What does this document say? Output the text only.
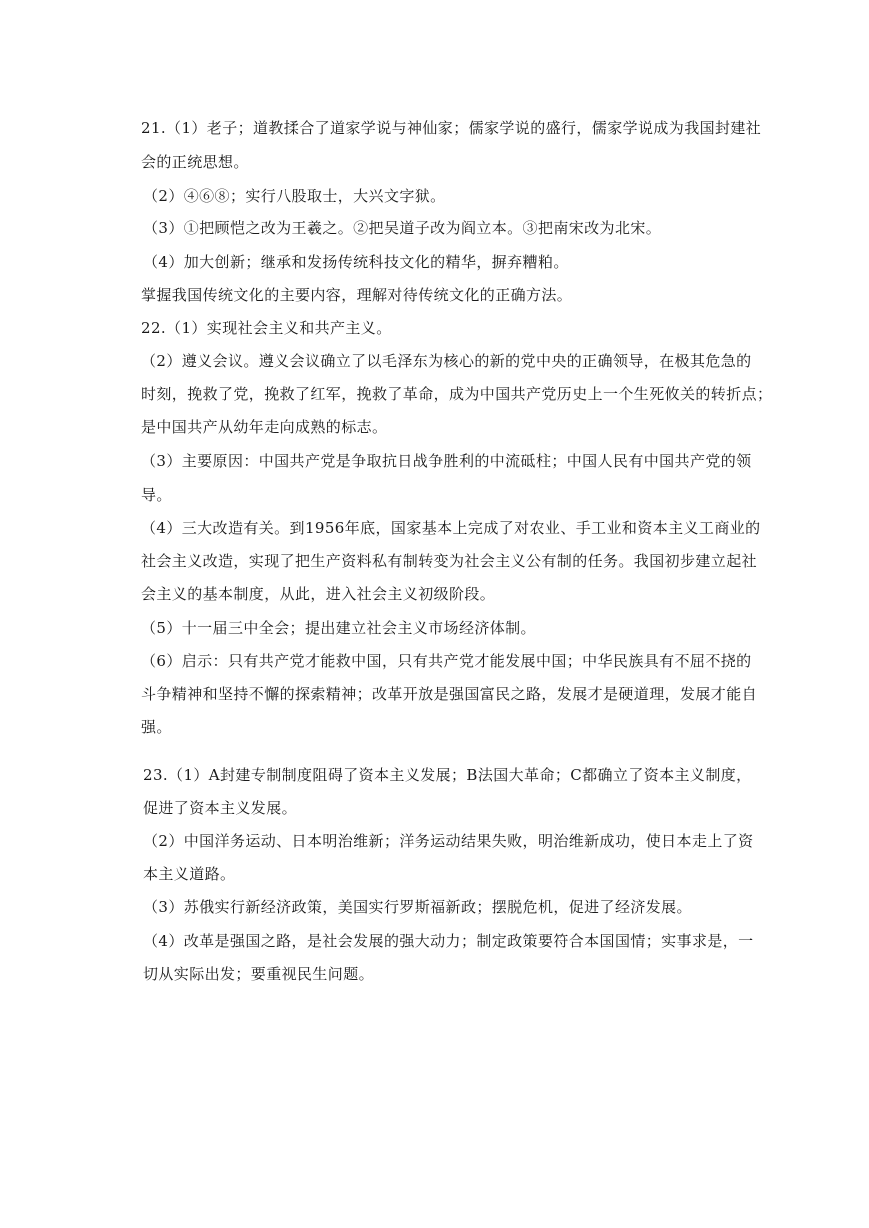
21.（1）老子；道教揉合了道家学说与神仙家；儒家学说的盛行，儒家学说成为我国封建社
会的正统思想。
（2）④⑥⑧；实行八股取士，大兴文字狱。
（3）①把顾恺之改为王羲之。②把吴道子改为阎立本。③把南宋改为北宋。
（4）加大创新；继承和发扬传统科技文化的精华，摒弃糟粕。
掌握我国传统文化的主要内容，理解对待传统文化的正确方法。
22.（1）实现社会主义和共产主义。
（2）遵义会议。遵义会议确立了以毛泽东为核心的新的党中央的正确领导，在极其危急的
时刻，挽救了党，挽救了红军，挽救了革命，成为中国共产党历史上一个生死攸关的转折点；
是中国共产从幼年走向成熟的标志。
（3）主要原因：中国共产党是争取抗日战争胜利的中流砥柱；中国人民有中国共产党的领
导。
（4）三大改造有关。到1956年底，国家基本上完成了对农业、手工业和资本主义工商业的
社会主义改造，实现了把生产资料私有制转变为社会主义公有制的任务。我国初步建立起社
会主义的基本制度，从此，进入社会主义初级阶段。
（5）十一届三中全会；提出建立社会主义市场经济体制。
（6）启示：只有共产党才能救中国，只有共产党才能发展中国；中华民族具有不屈不挠的
斗争精神和坚持不懈的探索精神；改革开放是强国富民之路，发展才是硬道理，发展才能自
强。
23.（1）A封建专制制度阻碍了资本主义发展；B法国大革命；C都确立了资本主义制度，
促进了资本主义发展。
（2）中国洋务运动、日本明治维新；洋务运动结果失败，明治维新成功，使日本走上了资
本主义道路。
（3）苏俄实行新经济政策，美国实行罗斯福新政；摆脱危机，促进了经济发展。
（4）改革是强国之路，是社会发展的强大动力；制定政策要符合本国国情；实事求是，一
切从实际出发；要重视民生问题。
